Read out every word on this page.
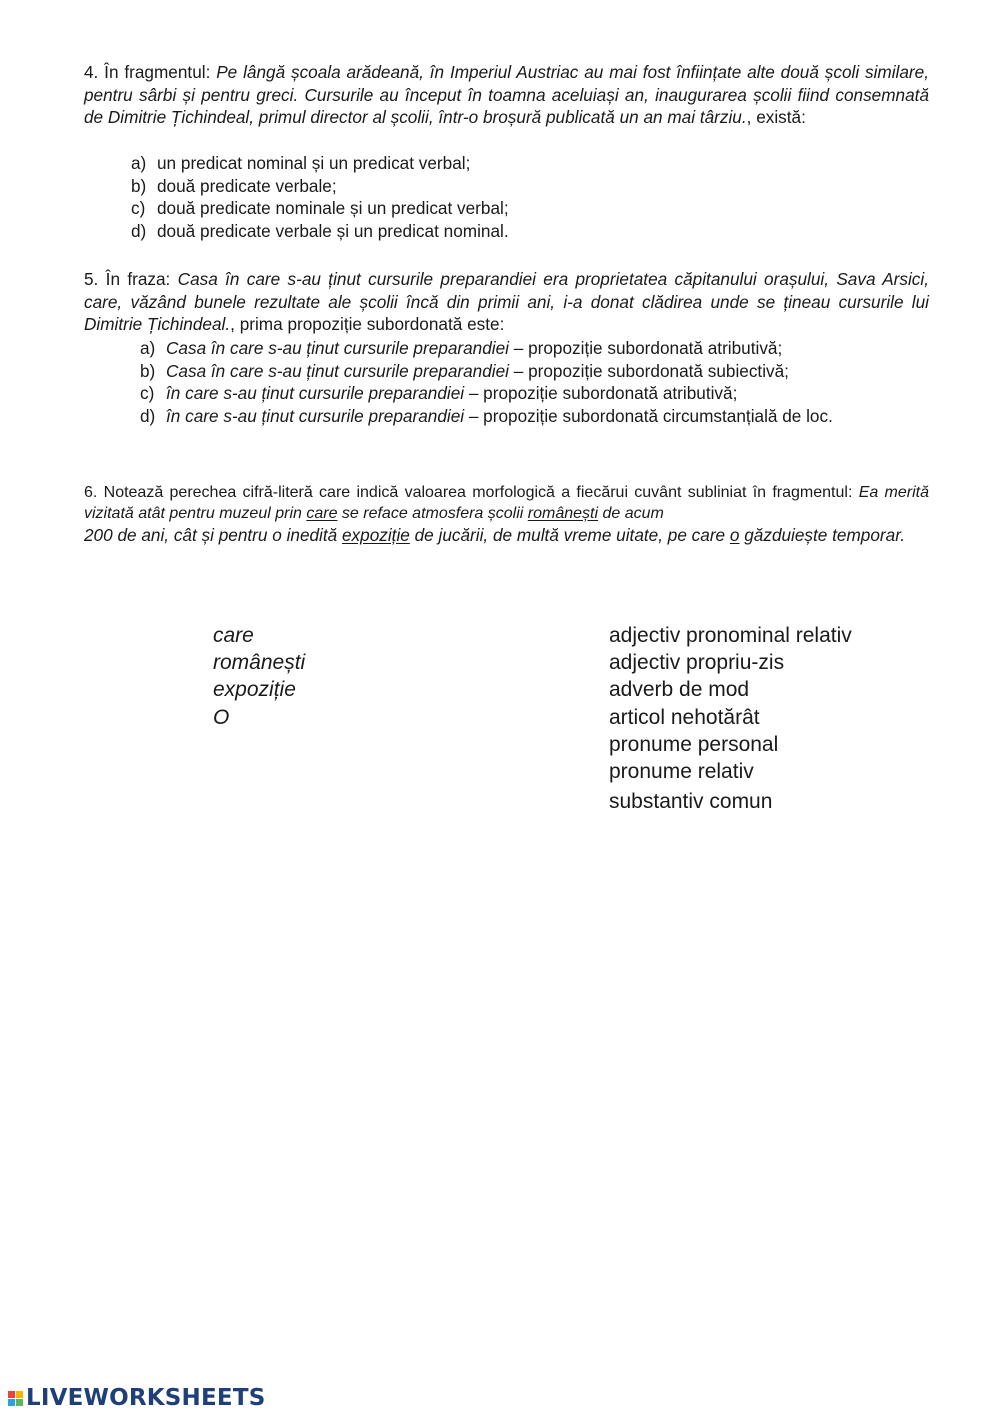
4. În fragmentul: Pe lângă școala arădeană, în Imperiul Austriac au mai fost înființate alte două școli similare, pentru sârbi și pentru greci. Cursurile au început în toamna aceluiași an, inaugurarea școlii fiind consemnată de Dimitrie Țichindeal, primul director al școlii, într-o broșură publicată un an mai târziu., există:
a) un predicat nominal și un predicat verbal;
b) două predicate verbale;
c) două predicate nominale și un predicat verbal;
d) două predicate verbale și un predicat nominal.
5. În fraza: Casa în care s-au ținut cursurile preparandiei era proprietatea căpitanului orașului, Sava Arsici, care, văzând bunele rezultate ale școlii încă din primii ani, i-a donat clădirea unde se țineau cursurile lui Dimitrie Țichindeal., prima propoziție subordonată este:
a) Casa în care s-au ținut cursurile preparandiei – propoziție subordonată atributivă;
b) Casa în care s-au ținut cursurile preparandiei – propoziție subordonată subiectivă;
c) în care s-au ținut cursurile preparandiei – propoziție subordonată atributivă;
d) în care s-au ținut cursurile preparandiei – propoziție subordonată circumstanțială de loc.
6. Notează perechea cifră-literă care indică valoarea morfologică a fiecărui cuvânt subliniat în fragmentul: Ea merită vizitată atât pentru muzeul prin care se reface atmosfera școlii românești de acum
200 de ani, cât și pentru o inedită expoziție de jucării, de multă vreme uitate, pe care o găzduiește temporar.
care
românești
expoziție
O
adjectiv pronominal relativ
adjectiv propriu-zis
adverb de mod
articol nehotărât
pronume personal
pronume relativ
substantiv comun
LIVEWORKSHEETS
